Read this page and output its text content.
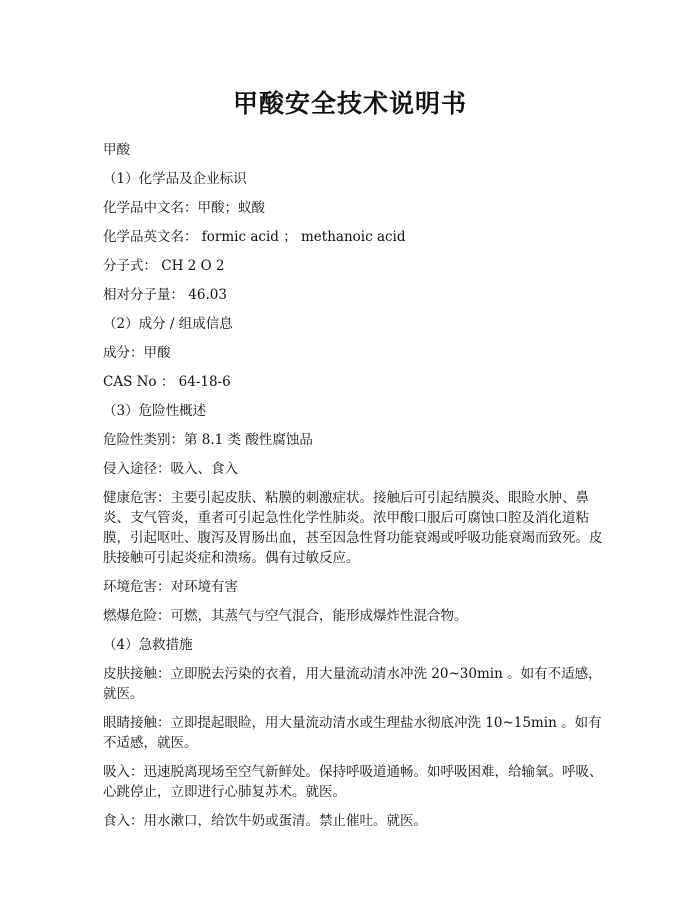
甲酸安全技术说明书

甲酸

（1）化学品及企业标识

化学品中文名：甲酸；蚁酸

化学品英文名： formic acid ； methanoic acid

分子式： CH 2 O 2

相对分子量： 46.03

（2）成分 / 组成信息

成分：甲酸

CAS No ： 64-18-6

（3）危险性概述

危险性类别：第 8.1 类 酸性腐蚀品

侵入途径：吸入、食入

健康危害：主要引起皮肤、粘膜的刺激症状。接触后可引起结膜炎、眼睑水肿、鼻炎、支气管炎，重者可引起急性化学性肺炎。浓甲酸口服后可腐蚀口腔及消化道粘膜，引起呕吐、腹泻及胃肠出血，甚至因急性肾功能衰竭或呼吸功能衰竭而致死。皮肤接触可引起炎症和溃疡。偶有过敏反应。

环境危害：对环境有害

燃爆危险：可燃，其蒸气与空气混合，能形成爆炸性混合物。

（4）急救措施

皮肤接触：立即脱去污染的衣着，用大量流动清水冲洗 20~30min 。如有不适感，就医。

眼睛接触：立即提起眼睑，用大量流动清水或生理盐水彻底冲洗 10~15min 。如有不适感，就医。

吸入：迅速脱离现场至空气新鲜处。保持呼吸道通畅。如呼吸困难，给输氧。呼吸、心跳停止，立即进行心肺复苏术。就医。

食入：用水漱口，给饮牛奶或蛋清。禁止催吐。就医。
